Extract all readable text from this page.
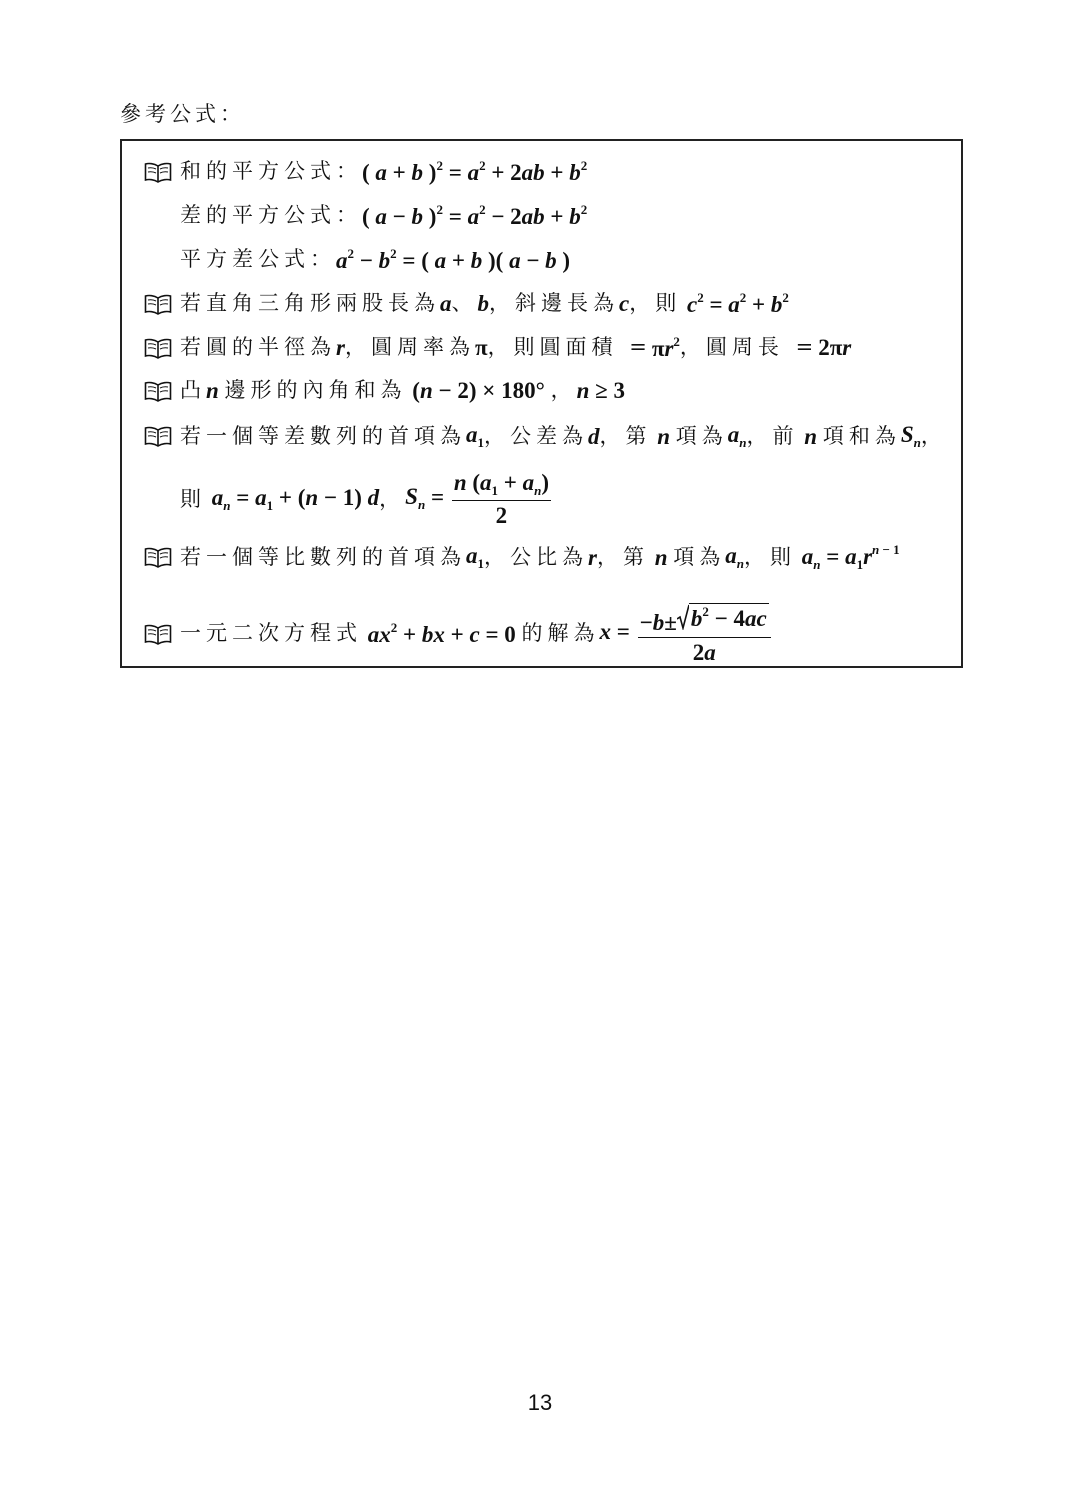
參考公式：
和的平方公式： ( a + b )$^2 = a^2 + 2ab + b^2$
差的平方公式： ( a − b )$^2 = a^2 - 2ab + b^2$
平方差公式： $a^2 - b^2$ = ( a + b )( a − b )
若直角三角形兩股長為 a 、 b ，斜邊長為 c ，則 $c^2 = a^2 + b^2$
若圓的半徑為 r ，圓周率為 π ，則圓面積 = $\pi r^2$ ，圓周長 = 2πr
凸 n 邊形的內角和為 (n − 2) × 180° ， n ≥ 3
若一個等差數列的首項為 $a_1$ ，公差為 d ，第 n 項為 $a_n$ ，前 n 項和為 $S_n$ ，
則 $a_n = a_1 + (n - 1)$ d ， $S_n = \frac{n (a_1 + a_n)}{2}$
若一個等比數列的首項為 $a_1$ ，公比為 r ，第 n 項為 $a_n$ ，則 $a_n = a_1r^{n - 1}$
一元二次方程式 $ax^2$ + bx + c = 0 的解為 $x = \frac{-b\pm b^2 - 4ac}{2a}$
13
